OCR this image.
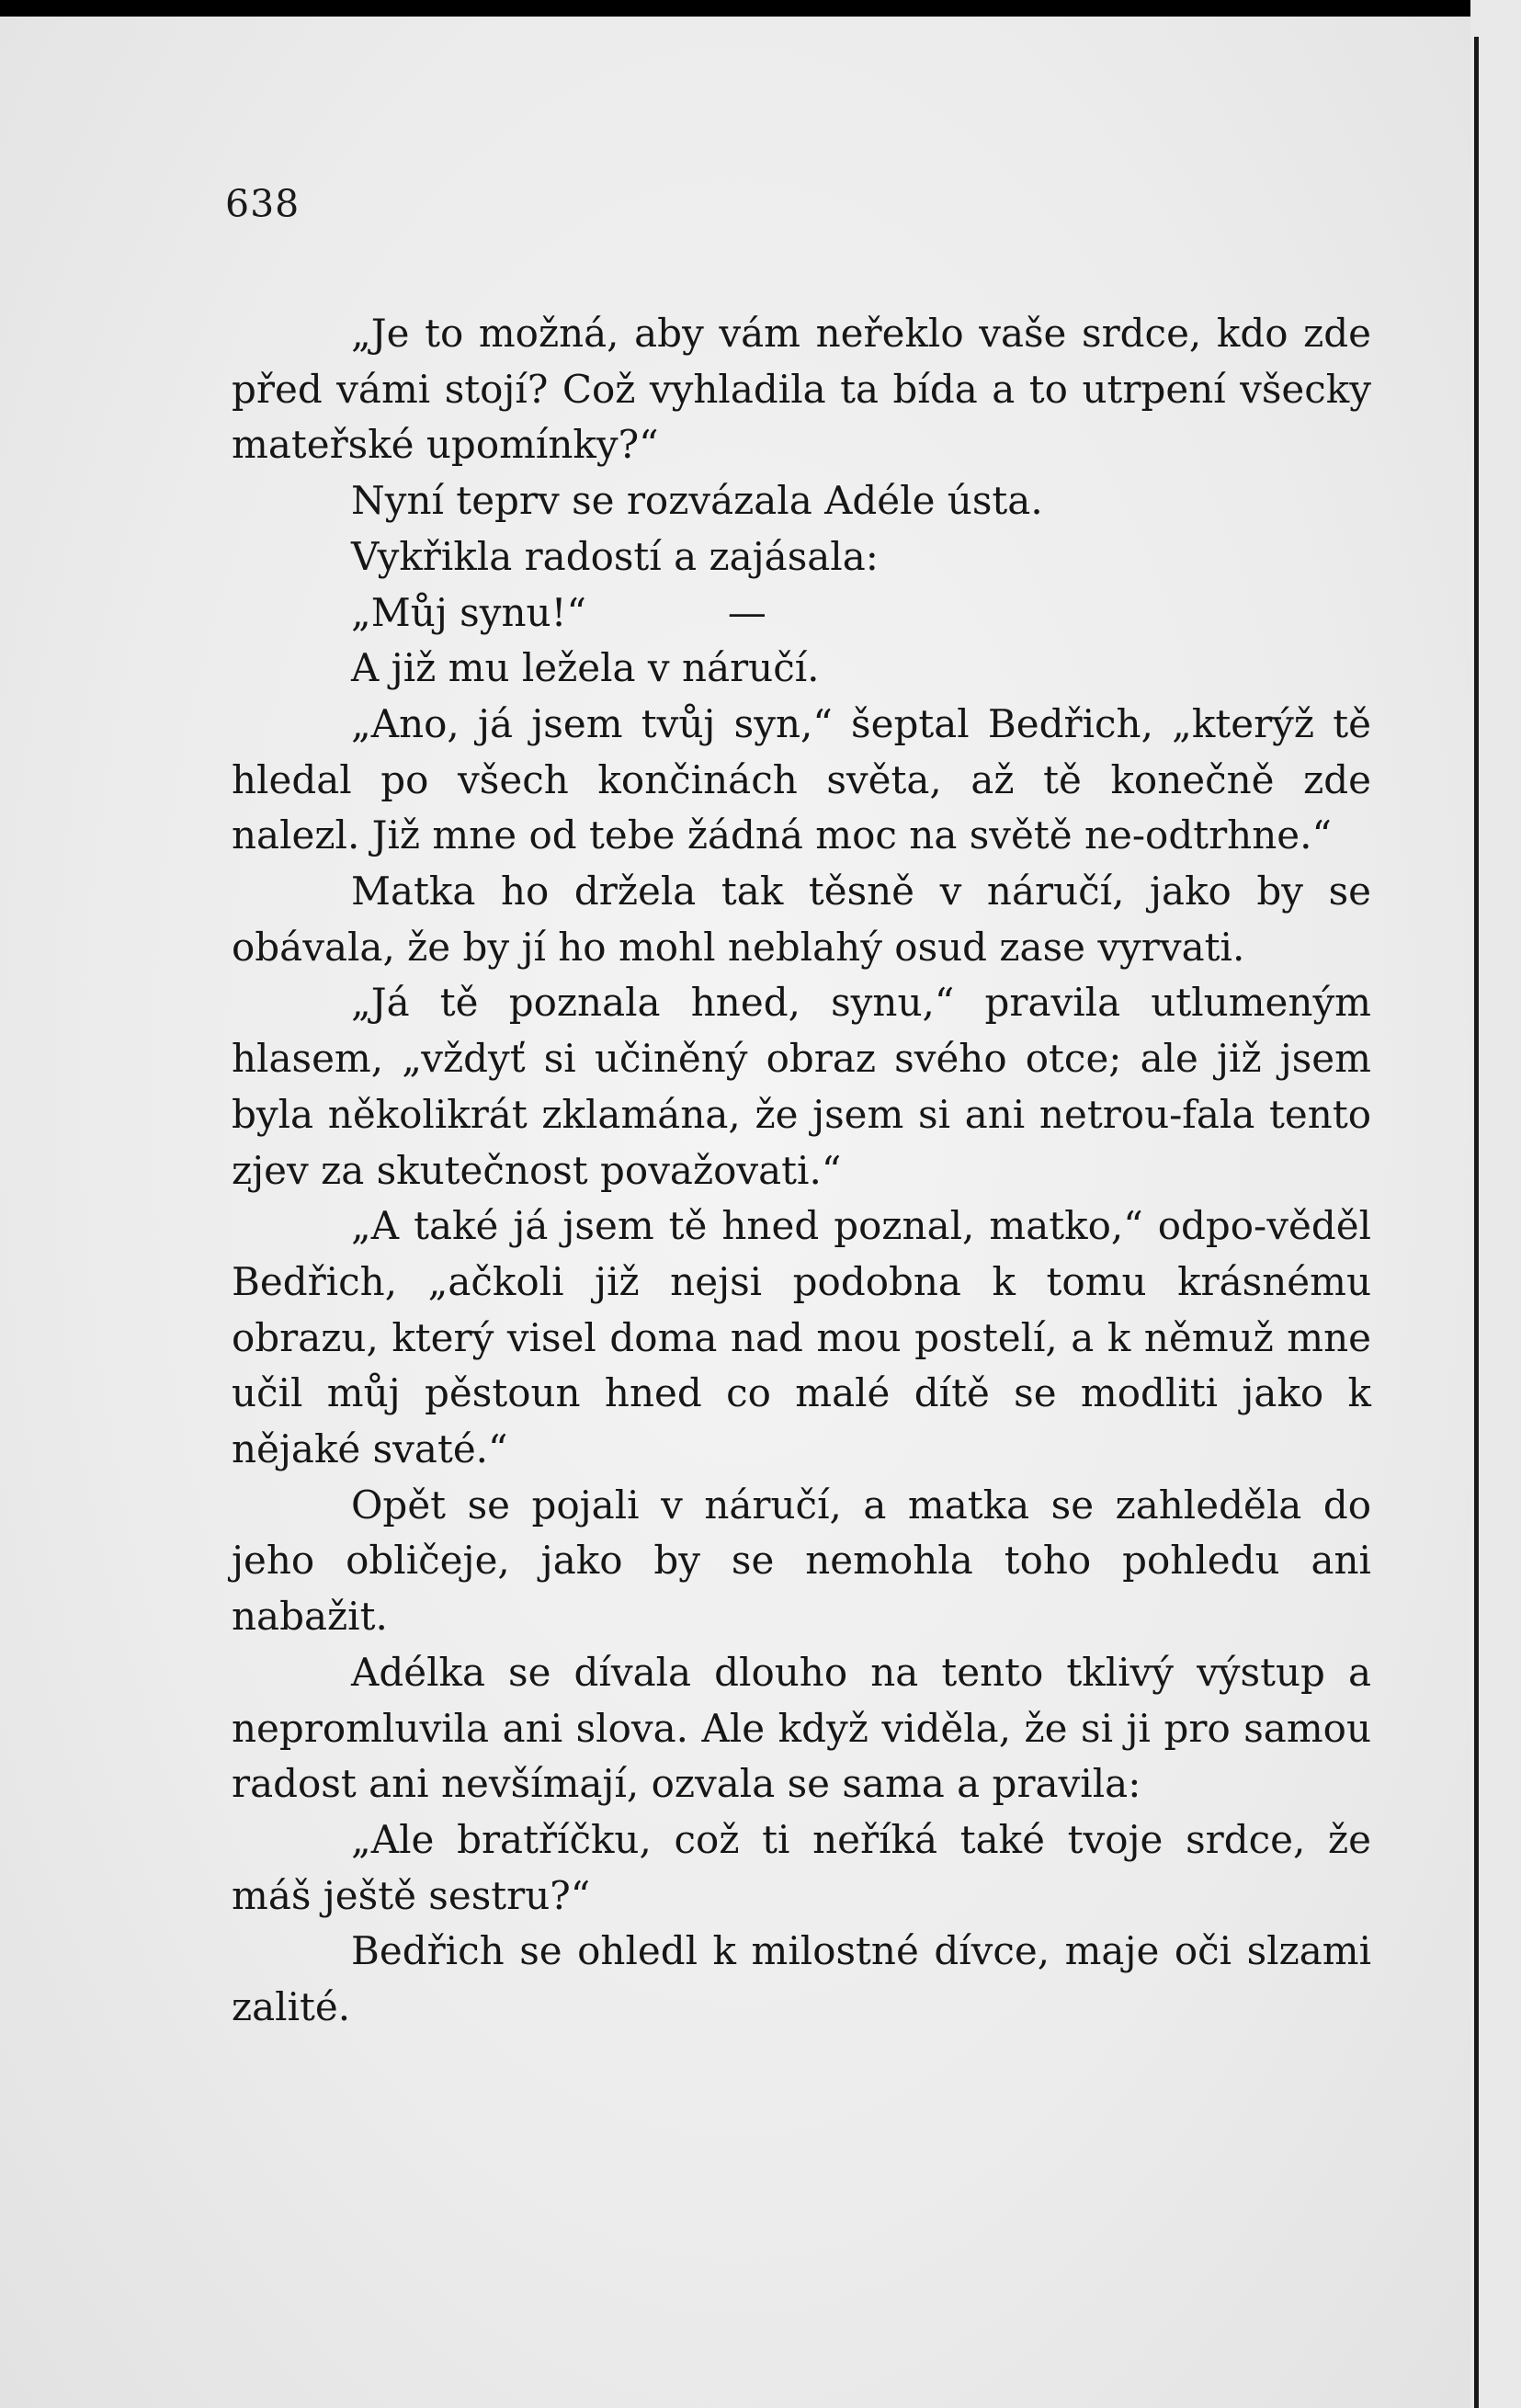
638

„Je to možná, aby vám neřeklo vaše srdce, kdo zde před vámi stojí? Což vyhladila ta bída a to utrpení všecky mateřské upomínky?“

Nyní teprv se rozvázala Adéle ústa.

Vykřikla radostí a zajásala:

„Můj synu!“	—

A již mu ležela v náručí.

„Ano, já jsem tvůj syn,“ šeptal Bedřich, „kterýž tě hledal po všech končinách světa, až tě konečně zde nalezl. Již mne od tebe žádná moc na světě ne-odtrhne.“

Matka ho držela tak těsně v náručí, jako by se obávala, že by jí ho mohl neblahý osud zase vyrvati.

„Já tě poznala hned, synu,“ pravila utlumeným hlasem, „vždyť si učiněný obraz svého otce; ale již jsem byla několikrát zklamána, že jsem si ani netrou-fala tento zjev za skutečnost považovati.“

„A také já jsem tě hned poznal, matko,“ odpo-věděl Bedřich, „ačkoli již nejsi podobna k tomu krásnému obrazu, který visel doma nad mou postelí, a k němuž mne učil můj pěstoun hned co malé dítě se modliti jako k nějaké svaté.“

Opět se pojali v náručí, a matka se zahleděla do jeho obličeje, jako by se nemohla toho pohledu ani nabažit.

Adélka se dívala dlouho na tento tklivý výstup a nepromluvila ani slova. Ale když viděla, že si ji pro samou radost ani nevšímají, ozvala se sama a pravila:

„Ale bratříčku, což ti neříká také tvoje srdce, že máš ještě sestru?“

Bedřich se ohledl k milostné dívce, maje oči slzami zalité.
